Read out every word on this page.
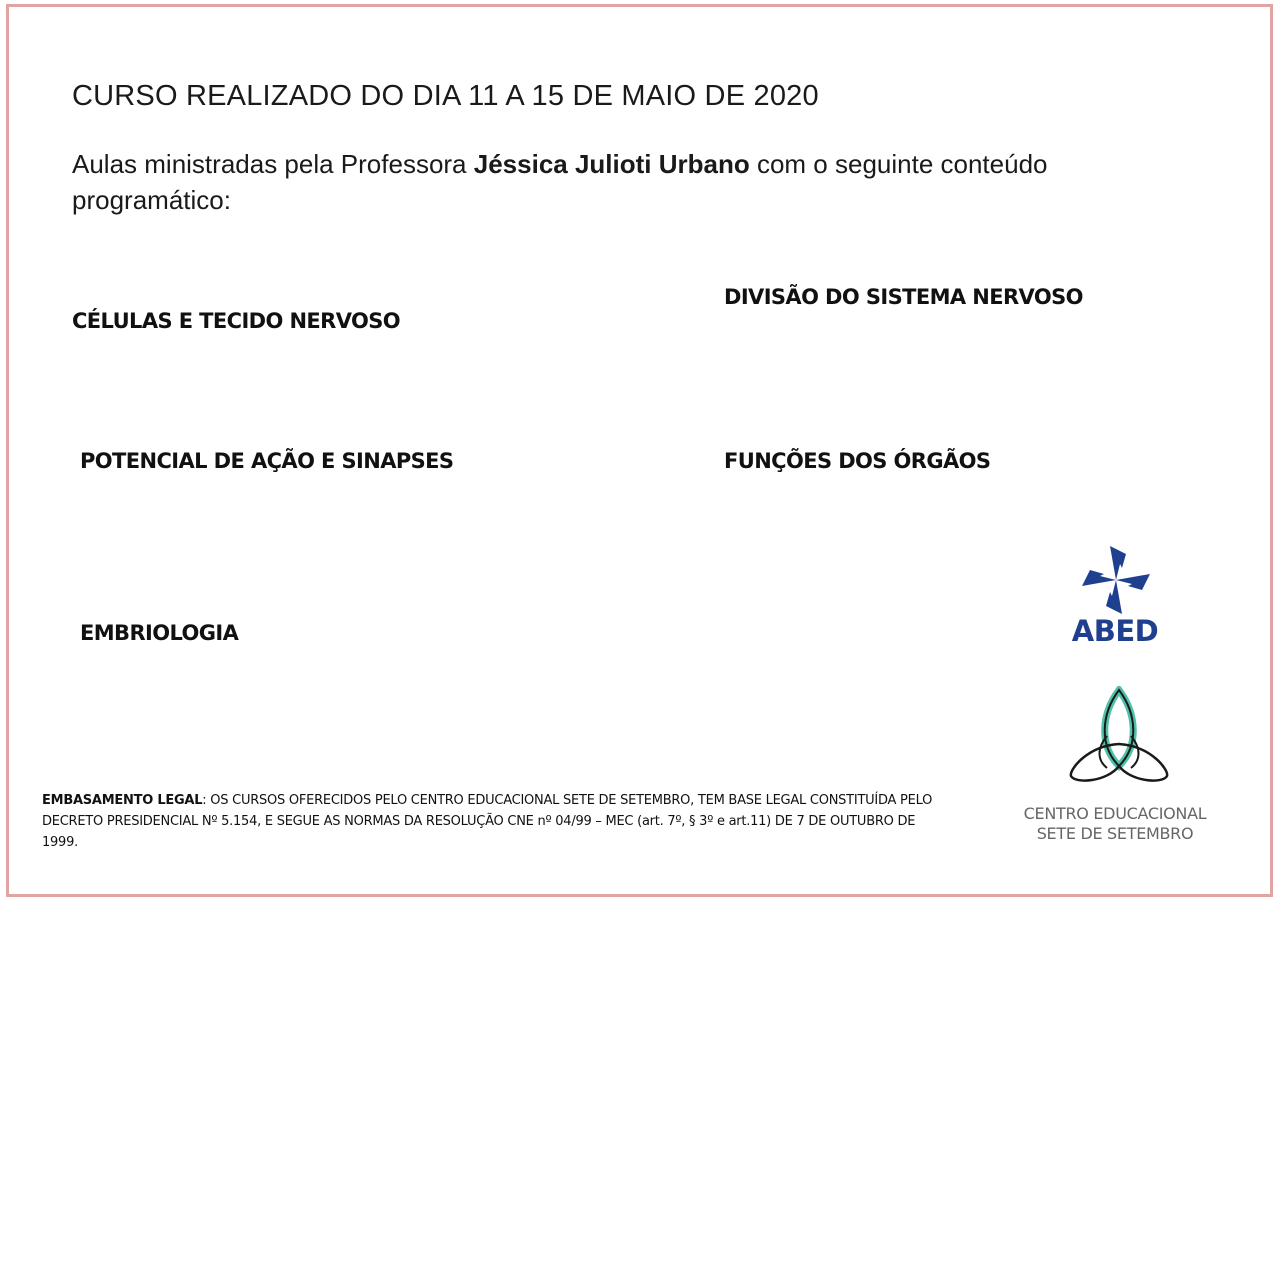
CURSO REALIZADO DO DIA 11 A 15 DE MAIO DE 2020
Aulas ministradas pela Professora Jéssica Julioti Urbano com o seguinte conteúdo programático:
CÉLULAS E TECIDO NERVOSO
DIVISÃO DO SISTEMA NERVOSO
POTENCIAL DE AÇÃO E SINAPSES	FUNÇÕES DOS ÓRGÃOS
EMBRIOLOGIA
EMBASAMENTO LEGAL: OS CURSOS OFERECIDOS PELO CENTRO EDUCACIONAL SETE DE SETEMBRO, TEM BASE LEGAL CONSTITUÍDA PELO DECRETO PRESIDENCIAL Nº 5.154, E SEGUE AS NORMAS DA RESOLUÇÃO CNE nº 04/99 – MEC (art. 7º, § 3º e art.11) DE 7 DE OUTUBRO DE 1999.
ABED
CENTRO EDUCACIONAL
SETE DE SETEMBRO
